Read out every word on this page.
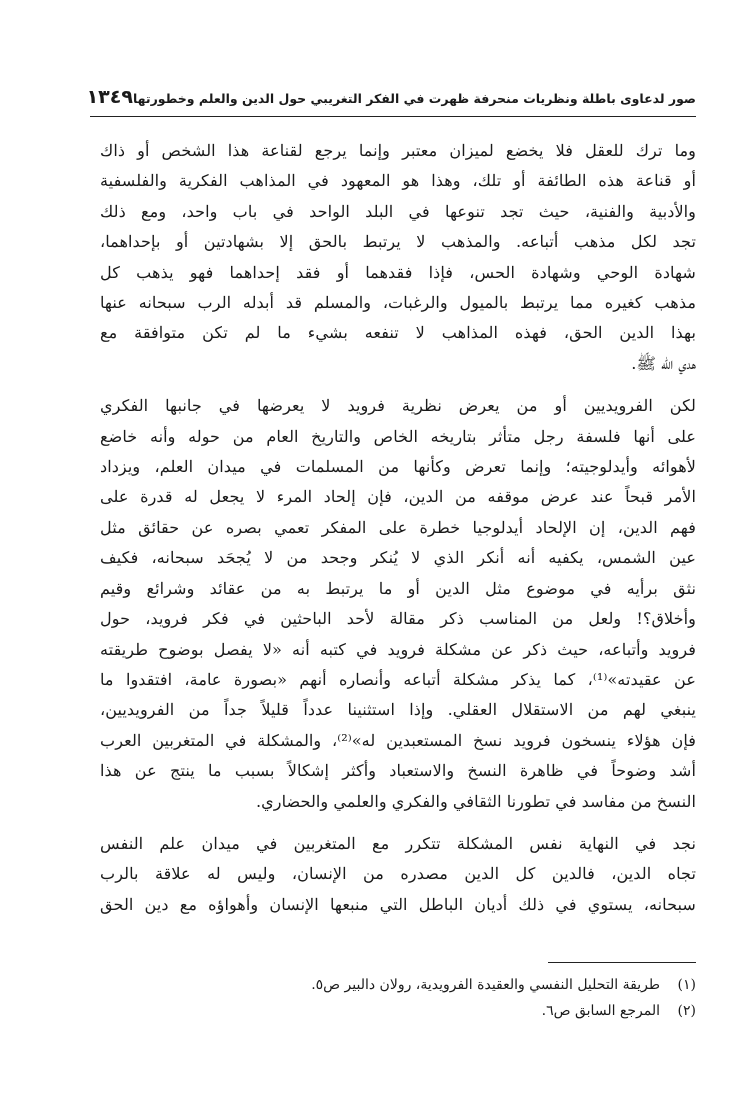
صور لدعاوى باطلة ونظريات منحرفة ظهرت في الفكر التغريبي حول الدين والعلم وخطورتها
١٣٤٩

وما ترك للعقل فلا يخضع لميزان معتبر وإنما يرجع لقناعة هذا الشخص أو ذاك
أو قناعة هذه الطائفة أو تلك، وهذا هو المعهود في المذاهب الفكرية والفلسفية
والأدبية والفنية، حيث تجد تنوعها في البلد الواحد في باب واحد، ومع ذلك
تجد لكل مذهب أتباعه. والمذهب لا يرتبط بالحق إلا بشهادتين أو بإحداهما،
شهادة الوحي وشهادة الحس، فإذا فقدهما أو فقد إحداهما فهو يذهب كل
مذهب كغيره مما يرتبط بالميول والرغبات، والمسلم قد أبدله الرب سبحانه عنها
بهذا الدين الحق، فهذه المذاهب لا تنفعه بشيء ما لم تكن متوافقة مع
هدي الله ﷺ.

لكن الفرويديين أو من يعرض نظرية فرويد لا يعرضها في جانبها الفكري
على أنها فلسفة رجل متأثر بتاريخه الخاص والتاريخ العام من حوله وأنه خاضع
لأهوائه وأيدلوجيته؛ وإنما تعرض وكأنها من المسلمات في ميدان العلم، ويزداد
الأمر قبحاً عند عرض موقفه من الدين، فإن إلحاد المرء لا يجعل له قدرة على
فهم الدين، إن الإلحاد أيدلوجيا خطرة على المفكر تعمي بصره عن حقائق مثل
عين الشمس، يكفيه أنه أنكر الذي لا يُنكر وجحد من لا يُجحَد سبحانه، فكيف
نثق برأيه في موضوع مثل الدين أو ما يرتبط به من عقائد وشرائع وقيم
وأخلاق؟! ولعل من المناسب ذكر مقالة لأحد الباحثين في فكر فرويد، حول
فرويد وأتباعه، حيث ذكر عن مشكلة فرويد في كتبه أنه «لا يفصل بوضوح طريقته
عن عقيدته»⁽¹⁾، كما يذكر مشكلة أتباعه وأنصاره أنهم «بصورة عامة، افتقدوا ما
ينبغي لهم من الاستقلال العقلي. وإذا استثنينا عدداً قليلاً جداً من الفرويديين،
فإن هؤلاء ينسخون فرويد نسخ المستعبدين له»⁽²⁾، والمشكلة في المتغربين العرب
أشد وضوحاً في ظاهرة النسخ والاستعباد وأكثر إشكالاً بسبب ما ينتج عن هذا
النسخ من مفاسد في تطورنا الثقافي والفكري والعلمي والحضاري.

نجد في النهاية نفس المشكلة تتكرر مع المتغربين في ميدان علم النفس
تجاه الدين، فالدين كل الدين مصدره من الإنسان، وليس له علاقة بالرب
سبحانه، يستوي في ذلك أديان الباطل التي منبعها الإنسان وأهواؤه مع دين الحق

(١)
طريقة التحليل النفسي والعقيدة الفرويدية، رولان دالبير ص٥.
(٢)
المرجع السابق ص٦.
